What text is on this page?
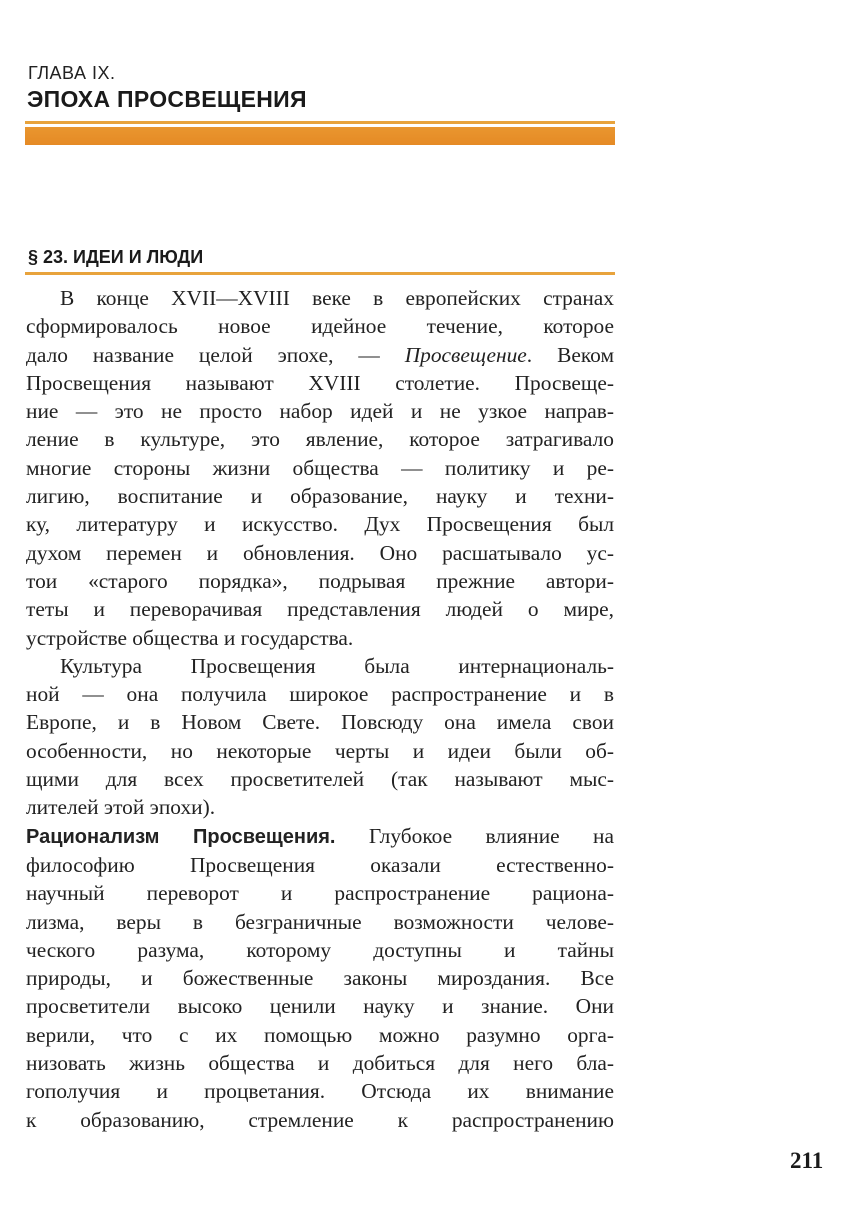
ГЛАВА IX.
ЭПОХА ПРОСВЕЩЕНИЯ
§ 23. ИДЕИ И ЛЮДИ
В конце XVII—XVIII веке в европейских странах
сформировалось новое идейное течение, которое
дало название целой эпохе, — Просвещение. Веком
Просвещения называют XVIII столетие. Просвеще-
ние — это не просто набор идей и не узкое направ-
ление в культуре, это явление, которое затрагивало
многие стороны жизни общества — политику и ре-
лигию, воспитание и образование, науку и техни-
ку, литературу и искусство. Дух Просвещения был
духом перемен и обновления. Оно расшатывало ус-
тои «старого порядка», подрывая прежние автори-
теты и переворачивая представления людей о мире,
устройстве общества и государства.
Культура Просвещения была интернациональ-
ной — она получила широкое распространение и в
Европе, и в Новом Свете. Повсюду она имела свои
особенности, но некоторые черты и идеи были об-
щими для всех просветителей (так называют мыс-
лителей этой эпохи).
Рационализм Просвещения. Глубокое влияние на
философию Просвещения оказали естественно-
научный переворот и распространение рациона-
лизма, веры в безграничные возможности челове-
ческого разума, которому доступны и тайны
природы, и божественные законы мироздания. Все
просветители высоко ценили науку и знание. Они
верили, что с их помощью можно разумно орга-
низовать жизнь общества и добиться для него бла-
гополучия и процветания. Отсюда их внимание
к образованию, стремление к распространению
211
